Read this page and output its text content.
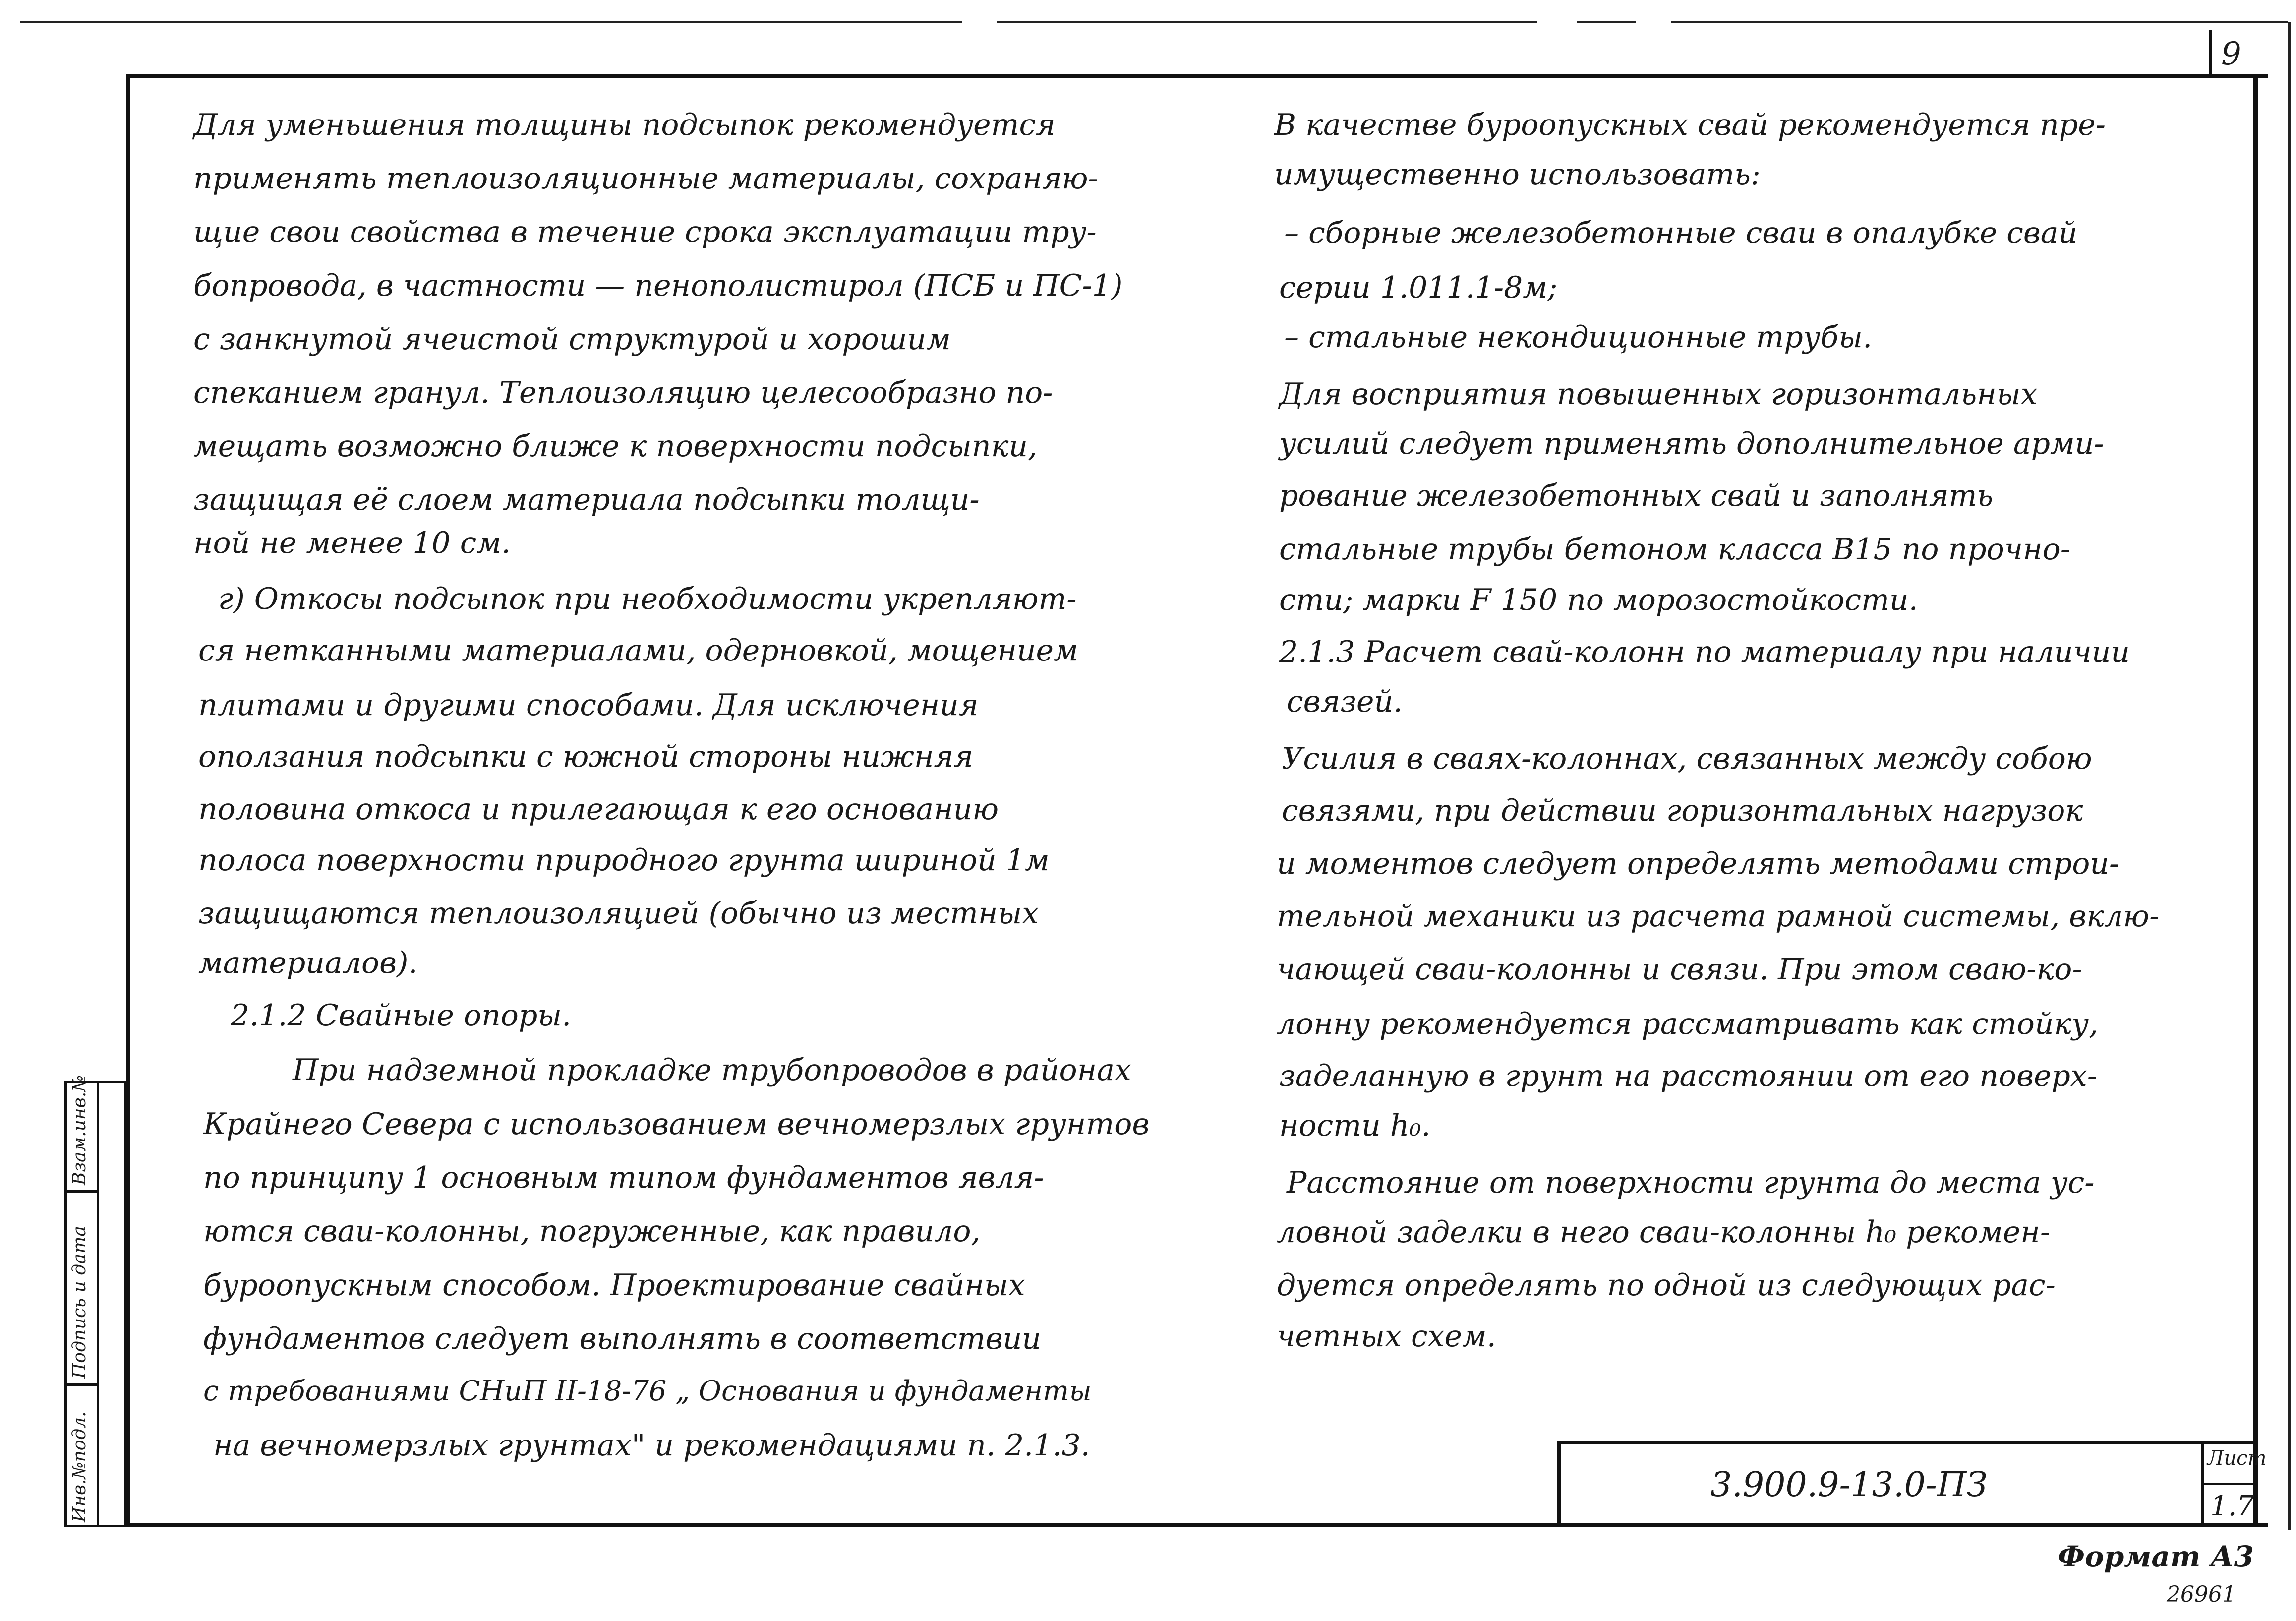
9
Для уменьшения толщины подсыпок рекомендуется
применять теплоизоляционные материалы, сохраняю-
щие свои свойства в течение срока эксплуатации тру-
бопровода, в частности — пенополистирол (ПСБ и ПС-1)
с занкнутой ячеистой структурой и хорошим
спеканием гранул. Теплоизоляцию целесообразно по-
мещать возможно ближе к поверхности подсыпки,
защищая её слоем материала подсыпки толщи-
ной не менее 10 см.
г) Откосы подсыпок при необходимости укрепляют-
ся нетканными материалами, одерновкой, мощением
плитами и другими способами. Для исключения
оползания подсыпки с южной стороны нижняя
половина откоса и прилегающая к его основанию
полоса поверхности природного грунта шириной 1м
защищаются теплоизоляцией (обычно из местных
материалов).
2.1.2 Свайные опоры.
При надземной прокладке трубопроводов в районах
Крайнего Севера с использованием вечномерзлых грунтов
по принципу 1 основным типом фундаментов явля-
ются сваи-колонны, погруженные, как правило,
буроопускным способом. Проектирование свайных
фундаментов следует выполнять в соответствии
с требованиями СНиП II-18-76 „ Основания и фундаменты
на вечномерзлых грунтах" и рекомендациями п. 2.1.3.
В качестве буроопускных свай рекомендуется пре-
имущественно использовать:
– сборные железобетонные сваи в опалубке свай
серии 1.011.1-8м;
– стальные некондиционные трубы.
Для восприятия повышенных горизонтальных
усилий следует применять дополнительное арми-
рование железобетонных свай и заполнять
стальные трубы бетоном класса В15 по прочно-
сти; марки F 150 по морозостойкости.
2.1.3 Расчет свай-колонн по материалу при наличии
связей.
Усилия в сваях-колоннах, связанных между собою
связями, при действии горизонтальных нагрузок
и моментов следует определять методами строи-
тельной механики из расчета рамной системы, вклю-
чающей сваи-колонны и связи. При этом сваю-ко-
лонну рекомендуется рассматривать как стойку,
заделанную в грунт на расстоянии от его поверх-
ности h₀.
Расстояние от поверхности грунта до места ус-
ловной заделки в него сваи-колонны h₀ рекомен-
дуется определять по одной из следующих рас-
четных схем.
3.900.9-13.0-ПЗ
Лист
1.7
Формат А3
26961
Инв.№подл.
Подпись и дата
Взам.инв.№
